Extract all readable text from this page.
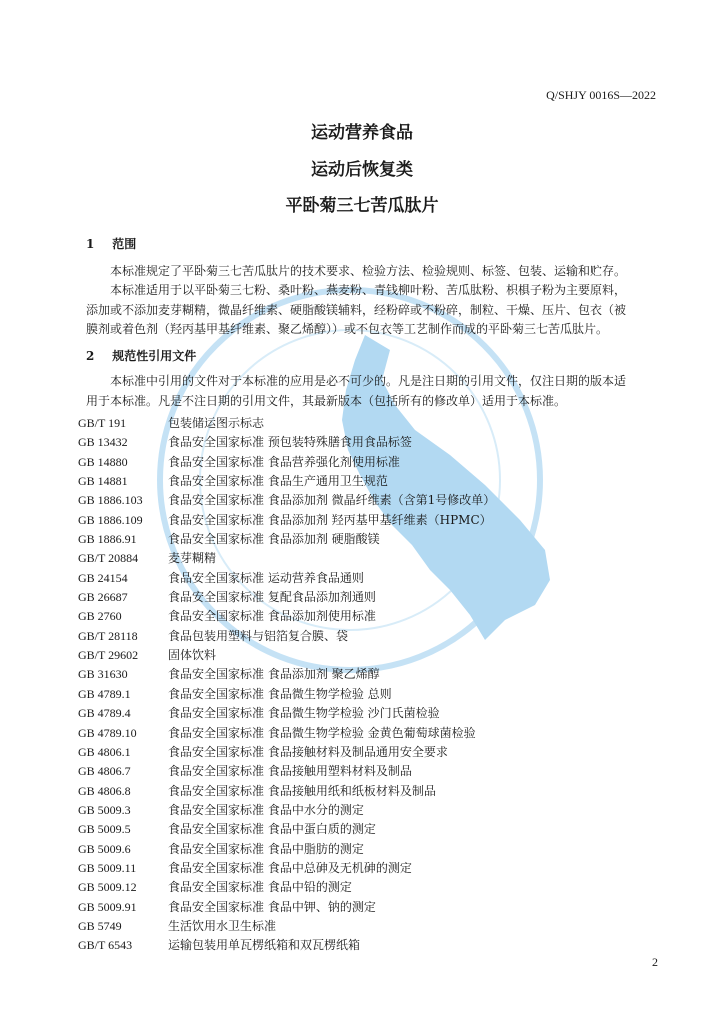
Q/SHJY 0016S—2022
运动营养食品
运动后恢复类
平卧菊三七苦瓜肽片
1 范围
本标准规定了平卧菊三七苦瓜肽片的技术要求、检验方法、检验规则、标签、包装、运输和贮存。
本标准适用于以平卧菊三七粉、桑叶粉、燕麦粉、青钱柳叶粉、苦瓜肽粉、枳椇子粉为主要原料，
添加或不添加麦芽糊精，微晶纤维素、硬脂酸镁辅料，经粉碎或不粉碎，制粒、干燥、压片、包衣（被
膜剂或着色剂（羟丙基甲基纤维素、聚乙烯醇））或不包衣等工艺制作而成的平卧菊三七苦瓜肽片。
2 规范性引用文件
本标准中引用的文件对于本标准的应用是必不可少的。凡是注日期的引用文件，仅注日期的版本适
用于本标准。凡是不注日期的引用文件，其最新版本（包括所有的修改单）适用于本标准。
GB/T 191	包装储运图示标志
GB 13432	食品安全国家标准 预包装特殊膳食用食品标签
GB 14880	食品安全国家标准 食品营养强化剂使用标准
GB 14881	食品安全国家标准 食品生产通用卫生规范
GB 1886.103 食品安全国家标准 食品添加剂 微晶纤维素（含第1号修改单）
GB 1886.109 食品安全国家标准 食品添加剂 羟丙基甲基纤维素（HPMC）
GB 1886.91	食品安全国家标准 食品添加剂 硬脂酸镁
GB/T 20884 麦芽糊精
GB 24154	食品安全国家标准 运动营养食品通则
GB 26687	食品安全国家标准 复配食品添加剂通则
GB 2760	食品安全国家标准 食品添加剂使用标准
GB/T 28118	食品包装用塑料与铝箔复合膜、袋
GB/T 29602 固体饮料
GB 31630	食品安全国家标准 食品添加剂 聚乙烯醇
GB 4789.1	食品安全国家标准 食品微生物学检验 总则
GB 4789.4	食品安全国家标准 食品微生物学检验 沙门氏菌检验
GB 4789.10	食品安全国家标准 食品微生物学检验 金黄色葡萄球菌检验
GB 4806.1	食品安全国家标准 食品接触材料及制品通用安全要求
GB 4806.7	食品安全国家标准 食品接触用塑料材料及制品
GB 4806.8	食品安全国家标准 食品接触用纸和纸板材料及制品
GB 5009.3	食品安全国家标准 食品中水分的测定
GB 5009.5	食品安全国家标准 食品中蛋白质的测定
GB 5009.6	食品安全国家标准 食品中脂肪的测定
GB 5009.11	食品安全国家标准 食品中总砷及无机砷的测定
GB 5009.12	食品安全国家标准 食品中铅的测定
GB 5009.91	食品安全国家标准 食品中钾、钠的测定
GB 5749	生活饮用水卫生标准
GB/T 6543	运输包装用单瓦楞纸箱和双瓦楞纸箱
2
